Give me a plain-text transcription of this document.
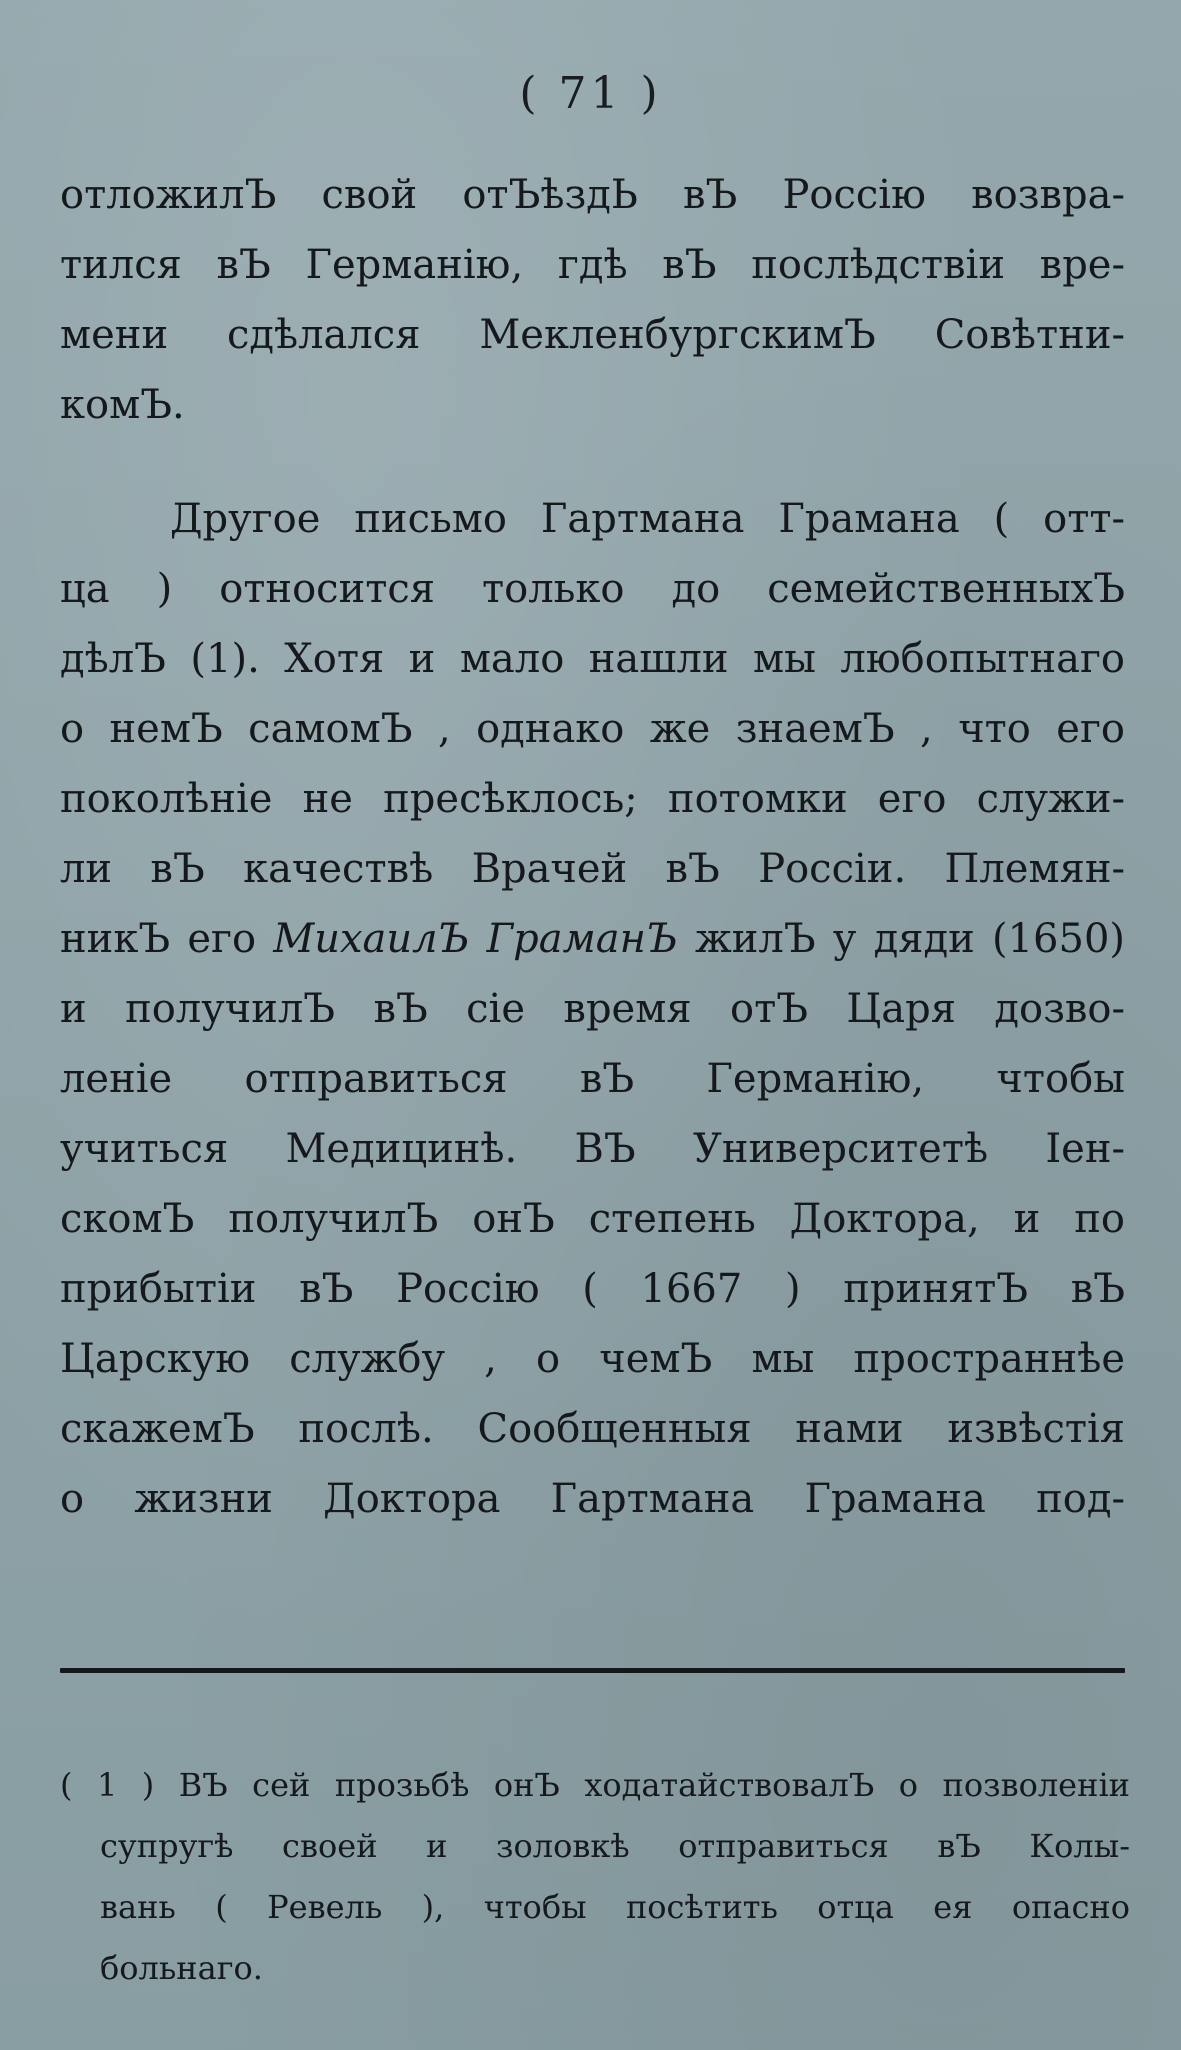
( 71 )
отложилЪ свой отЪѣздЬ вЪ Россію возвра-
тился вЪ Германію, гдѣ вЪ послѣдствіи вре-
мени сдѣлался МекленбургскимЪ Совѣтни-
комЪ.
Другое письмо Гартмана Грамана ( отт-
ца ) относится только до семейственныхЪ
дѣлЪ (1). Хотя и мало нашли мы любопытнаго
о немЪ самомЪ , однако же знаемЪ , что его
поколѣніе не пресѣклось; потомки его служи-
ли вЪ качествѣ Врачей вЪ Россіи. Племян-
никЪ его МихаилЪ ГраманЪ жилЪ у дяди (1650)
и получилЪ вЪ сіе время отЪ Царя дозво-
леніе отправиться вЪ Германію, чтобы
учиться Медицинѣ. ВЪ Университетѣ Іен-
скомЪ получилЪ онЪ степень Доктора, и по
прибытіи вЪ Россію ( 1667 ) принятЪ вЪ
Царскую службу , о чемЪ мы пространнѣе
скажемЪ послѣ. Сообщенныя нами извѣстія
о жизни Доктора Гартмана Грамана под-
( 1 ) ВЪ сей прозьбѣ онЪ ходатайствовалЪ о позволеніи
супругѣ своей и золовкѣ отправиться вЪ Колы-
вань ( Ревель ), чтобы посѣтить отца ея опасно
больнаго.
